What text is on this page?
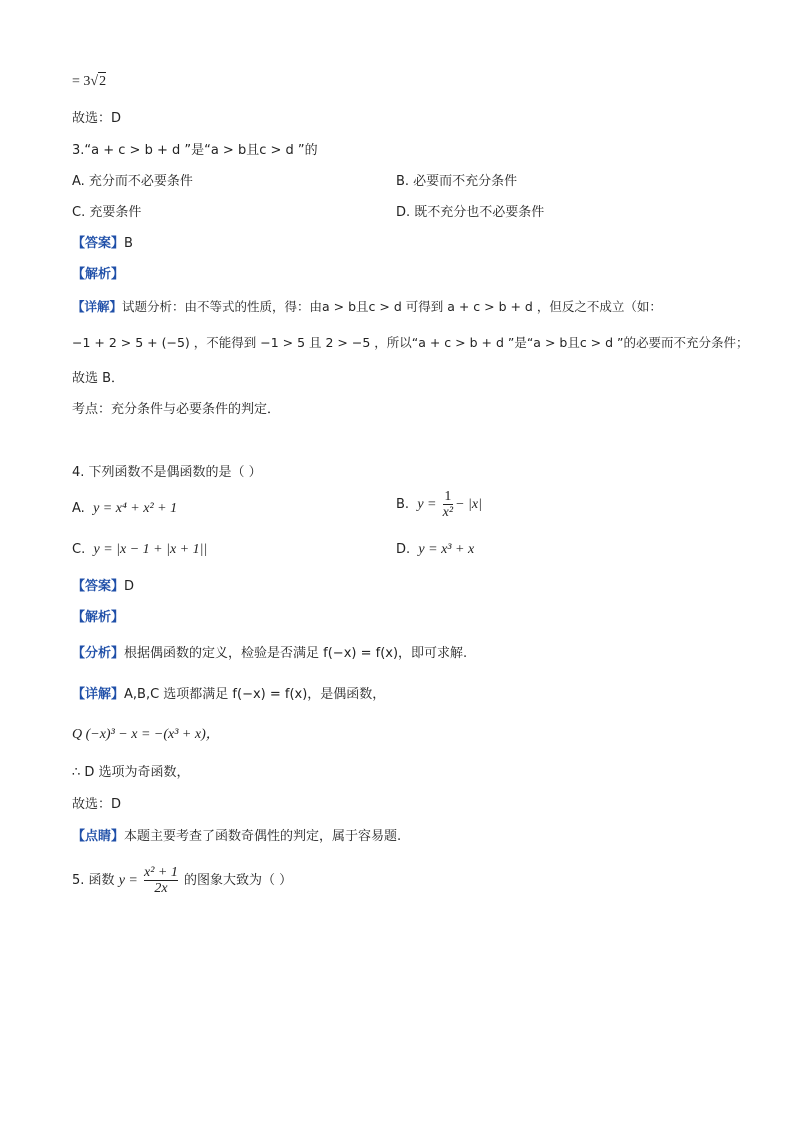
= 3√2
故选：D
3.“a + c > b + d ”是“a > b且c > d ”的
A. 充分而不必要条件	B. 必要而不充分条件
C. 充要条件	D. 既不充分也不必要条件
【答案】B
【解析】
【详解】试题分析：由不等式的性质，得：由a > b且c > d 可得到 a + c > b + d ，但反之不成立（如：
−1 + 2 > 5 + (−5) ，不能得到 −1 > 5 且 2 > −5 ，所以“a + c > b + d ”是“a > b且c > d ”的必要而不充分条件；
故选 B．
考点：充分条件与必要条件的判定．
4. 下列函数不是偶函数的是（ ）
A. y = x⁴ + x² + 1	B. $y = \frac{1}{\text{x²}} - |x|$
C. y = |x − 1 + |x + 1||	D. y = x³ + x
【答案】D
【解析】
【分析】根据偶函数的定义，检验是否满足 f(−x) = f(x)，即可求解.
【详解】A,B,C 选项都满足 f(−x) = f(x)，是偶函数，
Q (−x)³ − x = −(x³ + x)，
∴ D 选项为奇函数，
故选：D
【点睛】本题主要考查了函数奇偶性的判定，属于容易题.
5. 函数 $y = \frac{\text{x² + 1}}{2x}$ 的图象大致为（ ）
